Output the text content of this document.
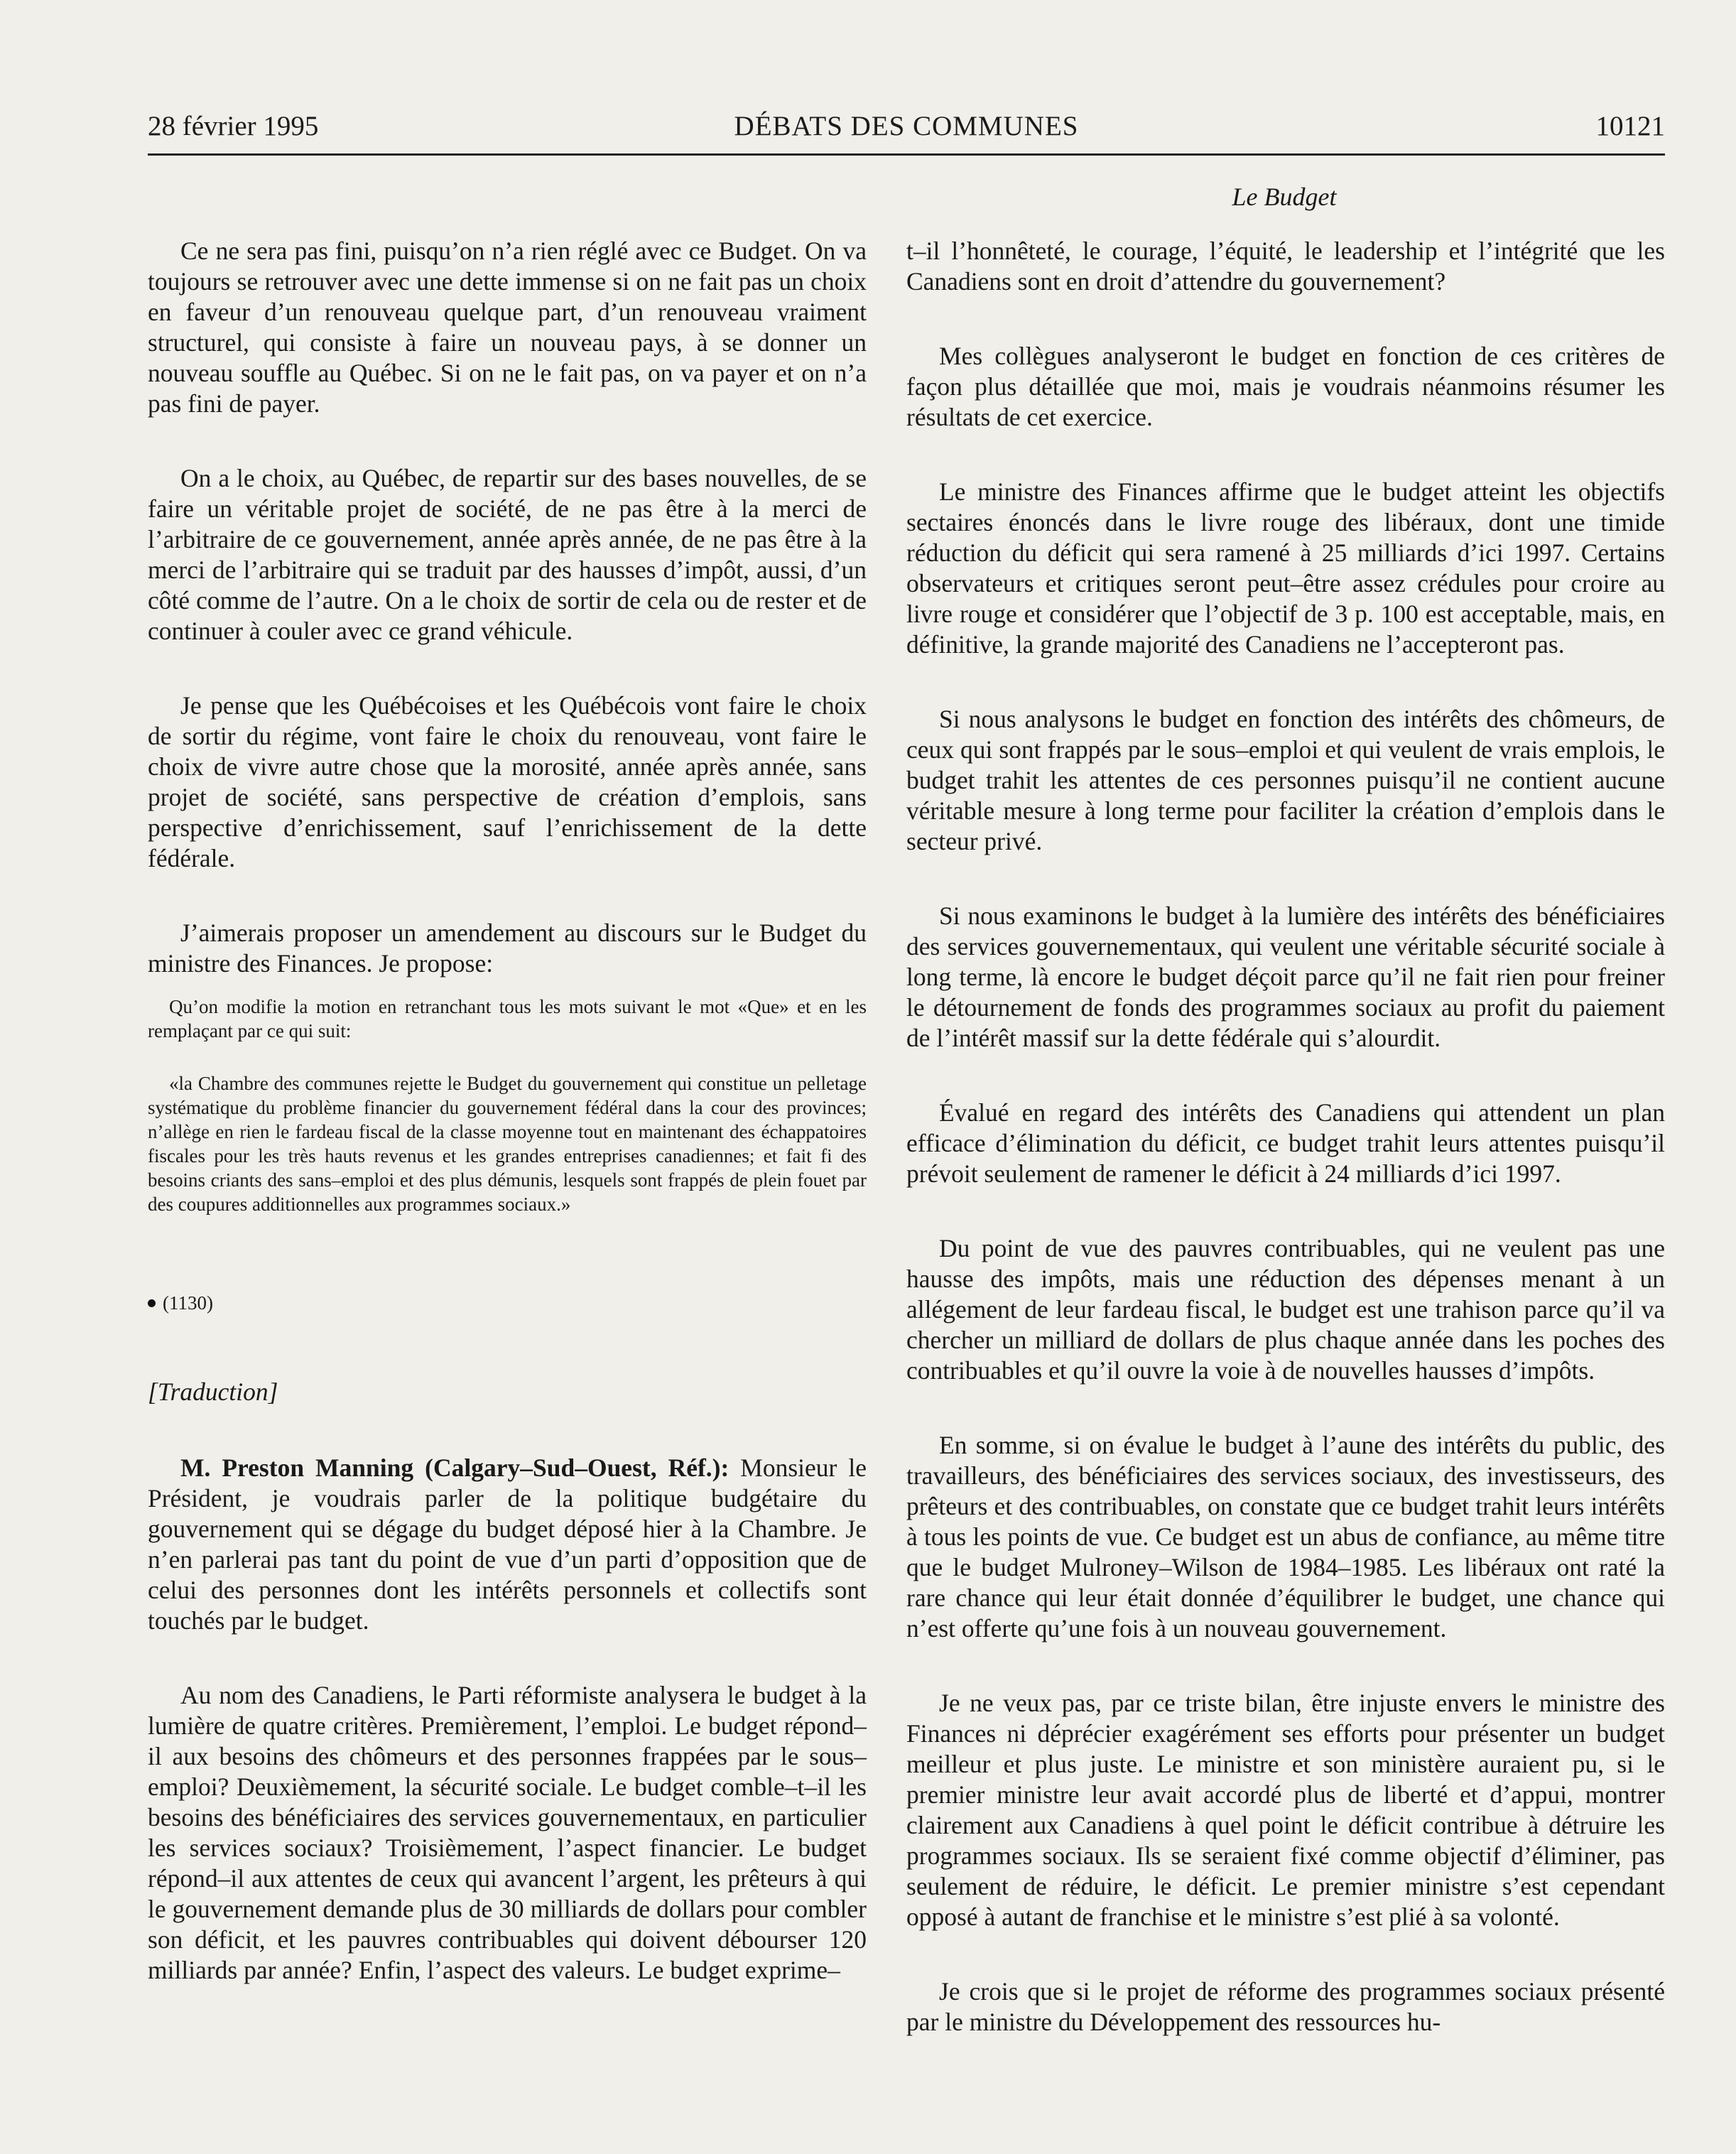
28 février 1995	DÉBATS DES COMMUNES	10121
Le Budget

Ce ne sera pas fini, puisqu’on n’a rien réglé avec ce Budget. On va toujours se retrouver avec une dette immense si on ne fait pas un choix en faveur d’un renouveau quelque part, d’un renouveau vraiment structurel, qui consiste à faire un nouveau pays, à se donner un nouveau souffle au Québec. Si on ne le fait pas, on va payer et on n’a pas fini de payer.

On a le choix, au Québec, de repartir sur des bases nouvelles, de se faire un véritable projet de société, de ne pas être à la merci de l’arbitraire de ce gouvernement, année après année, de ne pas être à la merci de l’arbitraire qui se traduit par des hausses d’impôt, aussi, d’un côté comme de l’autre. On a le choix de sortir de cela ou de rester et de continuer à couler avec ce grand véhicule.

Je pense que les Québécoises et les Québécois vont faire le choix de sortir du régime, vont faire le choix du renouveau, vont faire le choix de vivre autre chose que la morosité, année après année, sans projet de société, sans perspective de création d’emplois, sans perspective d’enrichissement, sauf l’enrichissement de la dette fédérale.

J’aimerais proposer un amendement au discours sur le Budget du ministre des Finances. Je propose:

Qu’on modifie la motion en retranchant tous les mots suivant le mot «Que» et en les remplaçant par ce qui suit:

«la Chambre des communes rejette le Budget du gouvernement qui constitue un pelletage systématique du problème financier du gouvernement fédéral dans la cour des provinces; n’allège en rien le fardeau fiscal de la classe moyenne tout en maintenant des échappatoires fiscales pour les très hauts revenus et les grandes entreprises canadiennes; et fait fi des besoins criants des sans–emploi et des plus démunis, lesquels sont frappés de plein fouet par des coupures additionnelles aux programmes sociaux.»

(1130)
[Traduction]

M. Preston Manning (Calgary–Sud–Ouest, Réf.): Monsieur le Président, je voudrais parler de la politique budgétaire du gouvernement qui se dégage du budget déposé hier à la Chambre. Je n’en parlerai pas tant du point de vue d’un parti d’opposition que de celui des personnes dont les intérêts personnels et collectifs sont touchés par le budget.

Au nom des Canadiens, le Parti réformiste analysera le budget à la lumière de quatre critères. Premièrement, l’emploi. Le budget répond–il aux besoins des chômeurs et des personnes frappées par le sous–emploi? Deuxièmement, la sécurité sociale. Le budget comble–t–il les besoins des bénéficiaires des services gouvernementaux, en particulier les services sociaux? Troisièmement, l’aspect financier. Le budget répond–il aux attentes de ceux qui avancent l’argent, les prêteurs à qui le gouvernement demande plus de 30 milliards de dollars pour combler son déficit, et les pauvres contribuables qui doivent débourser 120 milliards par année? Enfin, l’aspect des valeurs. Le budget exprime–

t–il l’honnêteté, le courage, l’équité, le leadership et l’intégrité que les Canadiens sont en droit d’attendre du gouvernement?

Mes collègues analyseront le budget en fonction de ces critères de façon plus détaillée que moi, mais je voudrais néanmoins résumer les résultats de cet exercice.

Le ministre des Finances affirme que le budget atteint les objectifs sectaires énoncés dans le livre rouge des libéraux, dont une timide réduction du déficit qui sera ramené à 25 milliards d’ici 1997. Certains observateurs et critiques seront peut–être assez crédules pour croire au livre rouge et considérer que l’objectif de 3 p. 100 est acceptable, mais, en définitive, la grande majorité des Canadiens ne l’accepteront pas.

Si nous analysons le budget en fonction des intérêts des chômeurs, de ceux qui sont frappés par le sous–emploi et qui veulent de vrais emplois, le budget trahit les attentes de ces personnes puisqu’il ne contient aucune véritable mesure à long terme pour faciliter la création d’emplois dans le secteur privé.

Si nous examinons le budget à la lumière des intérêts des bénéficiaires des services gouvernementaux, qui veulent une véritable sécurité sociale à long terme, là encore le budget déçoit parce qu’il ne fait rien pour freiner le détournement de fonds des programmes sociaux au profit du paiement de l’intérêt massif sur la dette fédérale qui s’alourdit.

Évalué en regard des intérêts des Canadiens qui attendent un plan efficace d’élimination du déficit, ce budget trahit leurs attentes puisqu’il prévoit seulement de ramener le déficit à 24 milliards d’ici 1997.

Du point de vue des pauvres contribuables, qui ne veulent pas une hausse des impôts, mais une réduction des dépenses menant à un allégement de leur fardeau fiscal, le budget est une trahison parce qu’il va chercher un milliard de dollars de plus chaque année dans les poches des contribuables et qu’il ouvre la voie à de nouvelles hausses d’impôts.

En somme, si on évalue le budget à l’aune des intérêts du public, des travailleurs, des bénéficiaires des services sociaux, des investisseurs, des prêteurs et des contribuables, on constate que ce budget trahit leurs intérêts à tous les points de vue. Ce budget est un abus de confiance, au même titre que le budget Mulroney–Wilson de 1984–1985. Les libéraux ont raté la rare chance qui leur était donnée d’équilibrer le budget, une chance qui n’est offerte qu’une fois à un nouveau gouvernement.

Je ne veux pas, par ce triste bilan, être injuste envers le ministre des Finances ni déprécier exagérément ses efforts pour présenter un budget meilleur et plus juste. Le ministre et son ministère auraient pu, si le premier ministre leur avait accordé plus de liberté et d’appui, montrer clairement aux Canadiens à quel point le déficit contribue à détruire les programmes sociaux. Ils se seraient fixé comme objectif d’éliminer, pas seulement de réduire, le déficit. Le premier ministre s’est cependant opposé à autant de franchise et le ministre s’est plié à sa volonté.

Je crois que si le projet de réforme des programmes sociaux présenté par le ministre du Développement des ressources hu-
